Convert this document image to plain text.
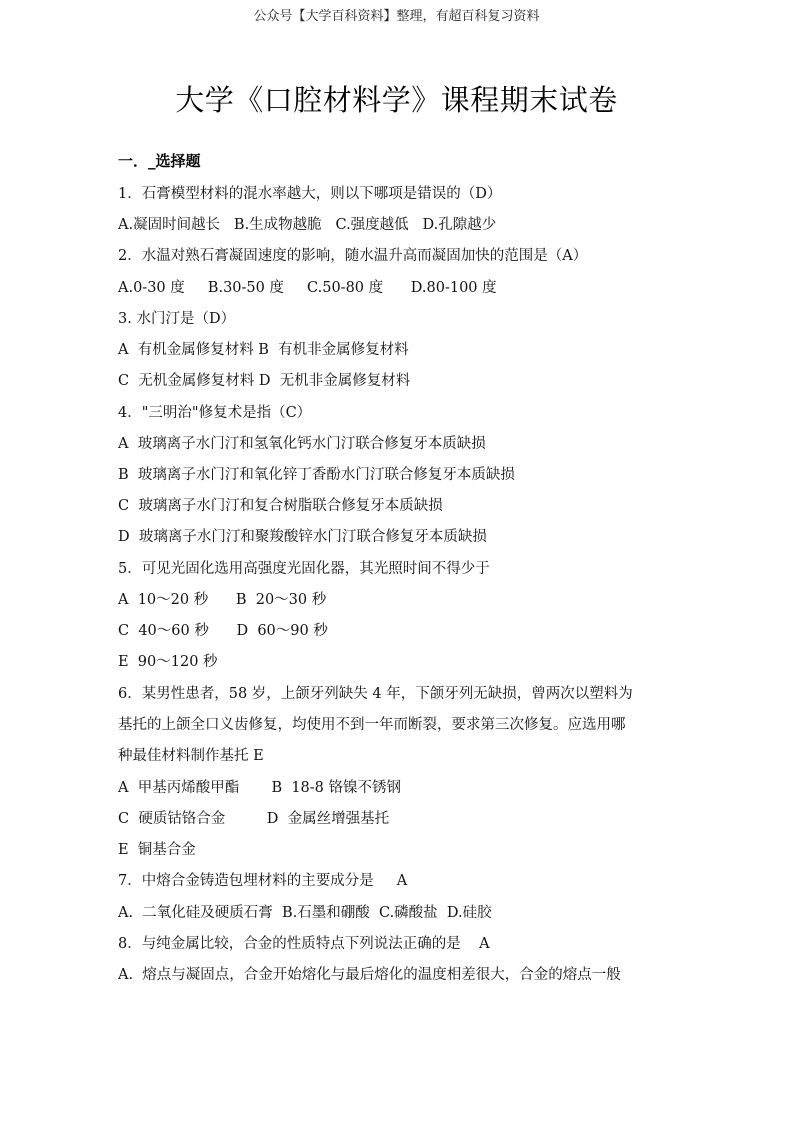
公众号【大学百科资料】整理，有超百科复习资料
大学《口腔材料学》课程期末试卷
一．_选择题
1．石膏模型材料的混水率越大，则以下哪项是错误的（D）
A.凝固时间越长   B.生成物越脆   C.强度越低   D.孔隙越少
2．水温对熟石膏凝固速度的影响，随水温升高而凝固加快的范围是（A）
A.0-30 度     B.30-50 度     C.50-80 度      D.80-100 度
3. 水门汀是（D）
A  有机金属修复材料 B  有机非金属修复材料
C  无机金属修复材料 D  无机非金属修复材料
4．"三明治"修复术是指（C）
A  玻璃离子水门汀和氢氧化钙水门汀联合修复牙本质缺损
B  玻璃离子水门汀和氧化锌丁香酚水门汀联合修复牙本质缺损
C  玻璃离子水门汀和复合树脂联合修复牙本质缺损
D  玻璃离子水门汀和聚羧酸锌水门汀联合修复牙本质缺损
5．可见光固化选用高强度光固化器，其光照时间不得少于
A  10～20 秒      B  20～30 秒
C  40～60 秒      D  60～90 秒
E  90～120 秒
6．某男性患者，58 岁，上颌牙列缺失 4 年，下颌牙列无缺损，曾两次以塑料为
基托的上颌全口义齿修复，均使用不到一年而断裂，要求第三次修复。应选用哪
种最佳材料制作基托 E
A  甲基丙烯酸甲酯       B  18-8 铬镍不锈钢
C  硬质钴铬合金         D  金属丝增强基托
E  铜基合金
7．中熔合金铸造包埋材料的主要成分是     A
A.  二氧化硅及硬质石膏  B.石墨和硼酸  C.磷酸盐  D.硅胶
8．与纯金属比较，合金的性质特点下列说法正确的是    A
A.  熔点与凝固点，合金开始熔化与最后熔化的温度相差很大，合金的熔点一般
